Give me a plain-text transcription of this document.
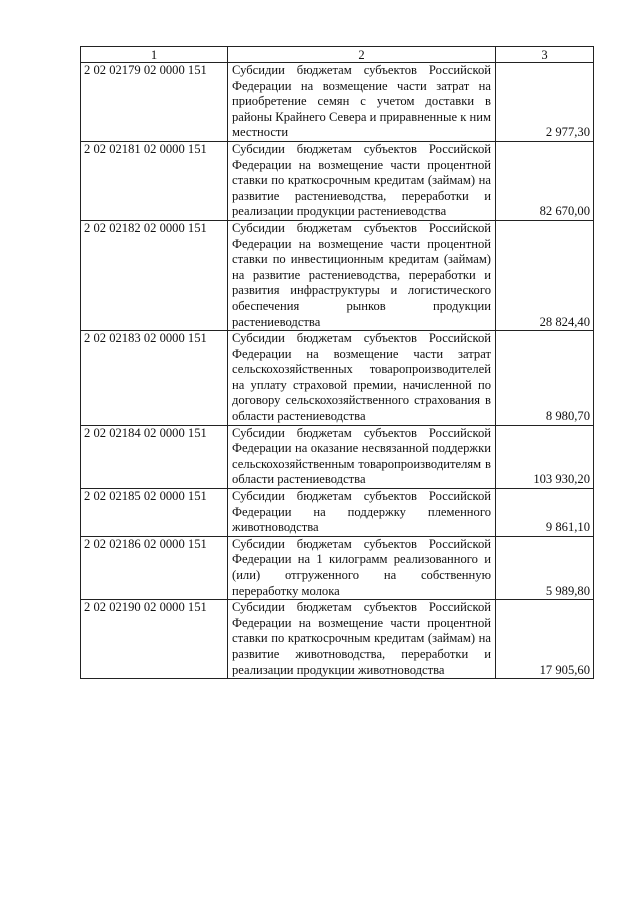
1	2	3
2 02 02179 02 0000 151	Субсидии бюджетам субъектов Российской Федерации на возмещение части затрат на приобретение семян с учетом доставки в районы Крайнего Севера и приравненные к ним местности	2 977,30
2 02 02181 02 0000 151	Субсидии бюджетам субъектов Российской Федерации на возмещение части процентной ставки по краткосрочным кредитам (займам) на развитие растениеводства, переработки и реализации продукции растениеводства	82 670,00
2 02 02182 02 0000 151	Субсидии бюджетам субъектов Российской Федерации на возмещение части процентной ставки по инвестиционным кредитам (займам) на развитие растениеводства, переработки и развития инфраструктуры и логистического обеспечения рынков продукции растениеводства	28 824,40
2 02 02183 02 0000 151	Субсидии бюджетам субъектов Российской Федерации на возмещение части затрат сельскохозяйственных товаропроизводителей на уплату страховой премии, начисленной по договору сельскохозяйственного страхования в области растениеводства	8 980,70
2 02 02184 02 0000 151	Субсидии бюджетам субъектов Российской Федерации на оказание несвязанной поддержки сельскохозяйственным товаропроизводителям в области растениеводства	103 930,20
2 02 02185 02 0000 151	Субсидии бюджетам субъектов Российской Федерации на поддержку племенного животноводства	9 861,10
2 02 02186 02 0000 151	Субсидии бюджетам субъектов Российской Федерации на 1 килограмм реализованного и (или) отгруженного на собственную переработку молока	5 989,80
2 02 02190 02 0000 151	Субсидии бюджетам субъектов Российской Федерации на возмещение части процентной ставки по краткосрочным кредитам (займам) на развитие животноводства, переработки и реализации продукции животноводства	17 905,60
